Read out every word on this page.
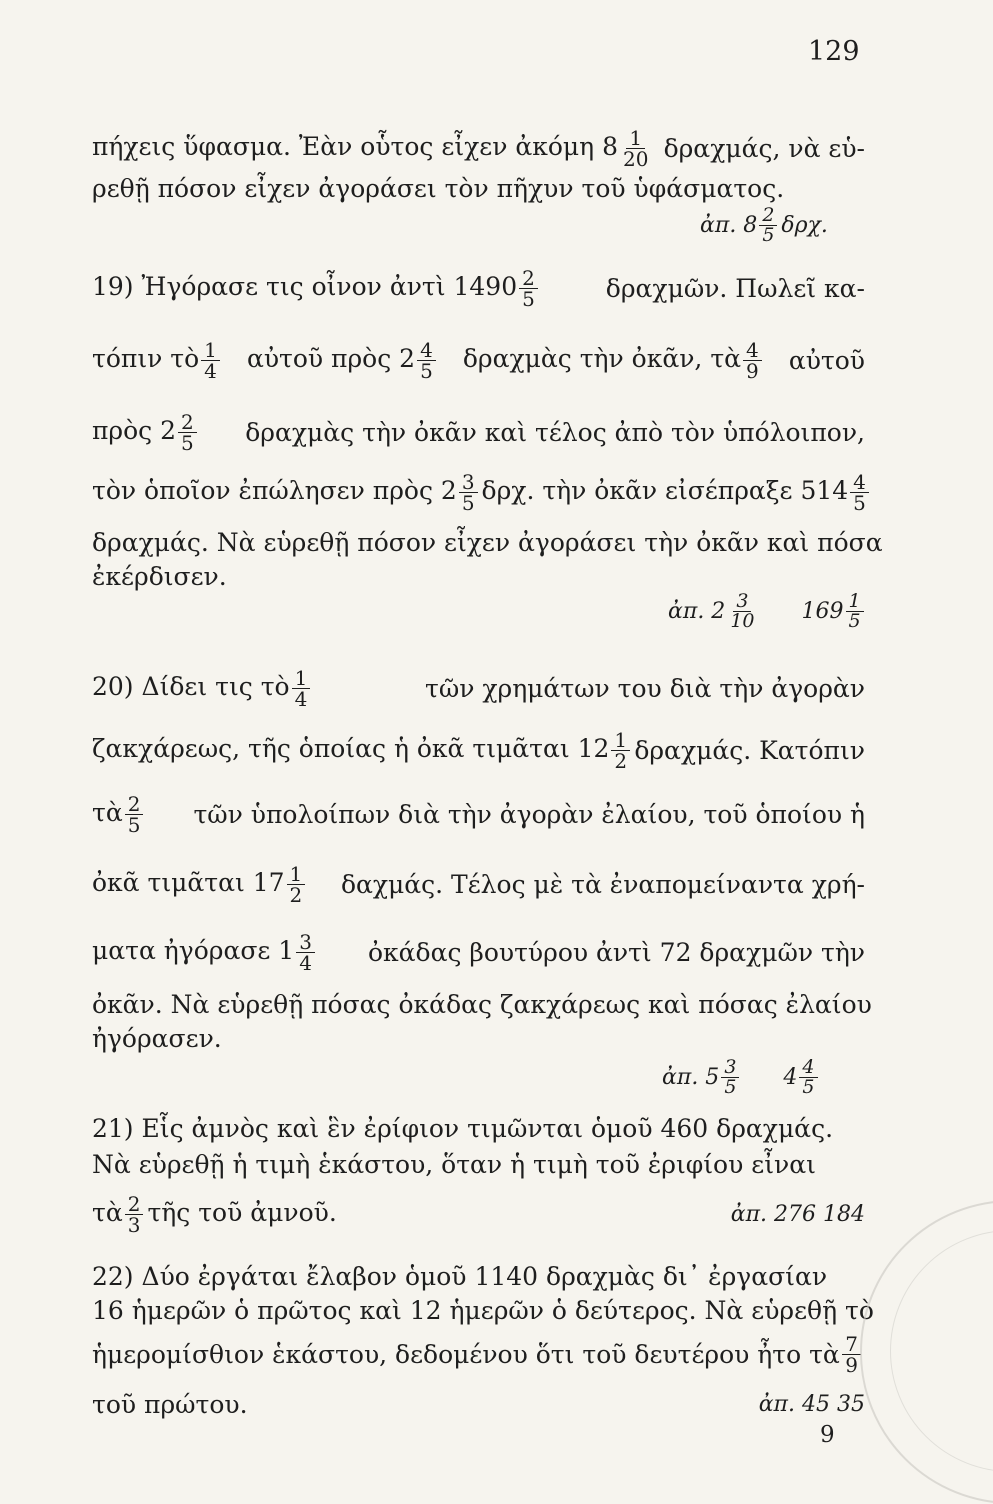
129
πήχεις ὕφασμα. Ἐὰν οὗτος εἶχεν ἀκόμη $8 \frac{1}{20} \delta\rho\alpha\chi\mu ά\varsigma$, νὰ εὑ-
ρεθῇ πόσον εἶχεν ἀγοράσει τὸν πῆχυν τοῦ ὑφάσματος.
ἀπ. 8 2
5 δρχ.
19) Ἠγόρασε τις οἶνον ἀντὶ $1490 \frac{2}{5}$	δραχμῶν. Πωλεῖ κα-
τόπιν τὸ $\frac{1}{4}$ αὐτοῦ πρὸς $2 \frac{4}{5}$ δραχμὰς τὴν ὀκᾶν, τὰ $\frac{4}{9}$ αὐτοῦ
πρὸς $2 \frac{2}{5}$ δραχμὰς τὴν ὀκᾶν καὶ τέλος ἀπὸ τὸν ὑπόλοιπον,
τὸν ὁποῖον ἐπώλησεν πρὸς $2 \frac{3}{5} \delta\rho\chi$. τὴν ὀκᾶν εἰσέπραξε 514 4
5
δραχμάς. Νὰ εὑρεθῇ πόσον εἶχεν ἀγοράσει τὴν ὀκᾶν καὶ πόσα
ἐκέρδισεν.
ἀπ. 2 3
10 169 1
5
20) Δίδει τις τὸ $\frac{1}{4}$	τῶν χρημάτων του διὰ τὴν ἀγορὰν
ζακχάρεως, τῆς ὁποίας ἡ ὀκᾶ τιμᾶται $12 \frac{1}{2} \delta\rho\alpha\chi\mu ά\varsigma$. Κατόπιν
τὰ $\frac{2}{5}$ τῶν ὑπολοίπων διὰ τὴν ἀγορὰν ἐλαίου, τοῦ ὁποίου ἡ
ὀκᾶ τιμᾶται $17 \frac{1}{2} \delta\alpha\chi\mu ά\varsigma$. Τέλος μὲ τὰ ἐναπομείναντα χρή-
ματα ἠγόρασε $1 \frac{3}{4}$ ὀκάδας βουτύρου ἀντὶ 72 δραχμῶν τὴν
ὀκᾶν. Νὰ εὑρεθῇ πόσας ὀκάδας ζακχάρεως καὶ πόσας ἐλαίου
ἠγόρασεν.
ἀπ. 5 3
5 4 4
5
21) Εἷς ἀμνὸς καὶ ἓν ἐρίφιον τιμῶνται ὁμοῦ 460 δραχμάς.
Νὰ εὑρεθῇ ἡ τιμὴ ἑκάστου, ὅταν ἡ τιμὴ τοῦ ἐριφίου εἶναι
τὰ $\frac{2}{3}$ τῆς τοῦ ἀμνοῦ.	ἀπ. 276 184
22) Δύο ἐργάται ἔλαβον ὁμοῦ 1140 δραχμὰς δι᾿ ἐργασίαν
16 ἡμερῶν ὁ πρῶτος καὶ 12 ἡμερῶν ὁ δεύτερος. Νὰ εὑρεθῇ τὸ
ἡμερομίσθιον ἑκάστου, δεδομένου ὅτι τοῦ δευτέρου ἦτο τὰ 7
9
τοῦ πρώτου.	ἀπ. 45 35
9
